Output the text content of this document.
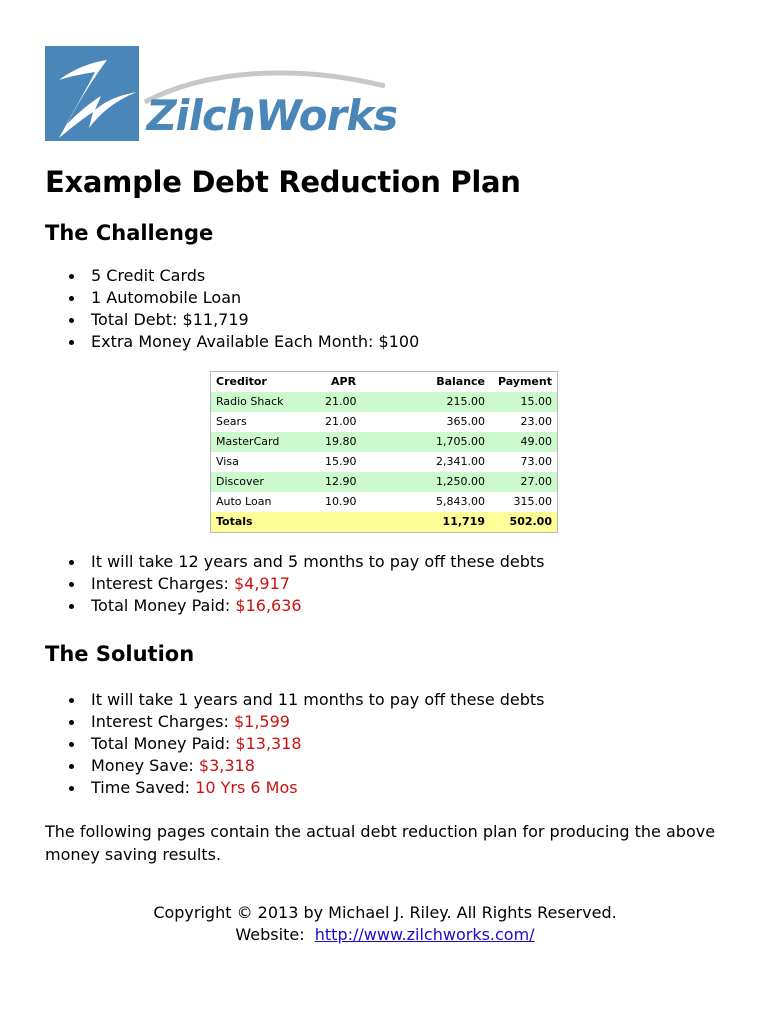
ZilchWorks
Example Debt Reduction Plan
The Challenge
5 Credit Cards
1 Automobile Loan
Total Debt: $11,719
Extra Money Available Each Month: $100
Creditor	APR	Balance	Payment
Radio Shack	21.00	215.00	15.00
Sears	21.00	365.00	23.00
MasterCard	19.80	1,705.00	49.00
Visa	15.90	2,341.00	73.00
Discover	12.90	1,250.00	27.00
Auto Loan	10.90	5,843.00	315.00
Totals		11,719	502.00
It will take 12 years and 5 months to pay off these debts
Interest Charges: $4,917
Total Money Paid: $16,636
The Solution
It will take 1 years and 11 months to pay off these debts
Interest Charges: $1,599
Total Money Paid: $13,318
Money Save: $3,318
Time Saved: 10 Yrs 6 Mos

The following pages contain the actual debt reduction plan for producing the above money saving results.

Copyright © 2013 by Michael J. Riley. All Rights Reserved.
Website:  http://www.zilchworks.com/
